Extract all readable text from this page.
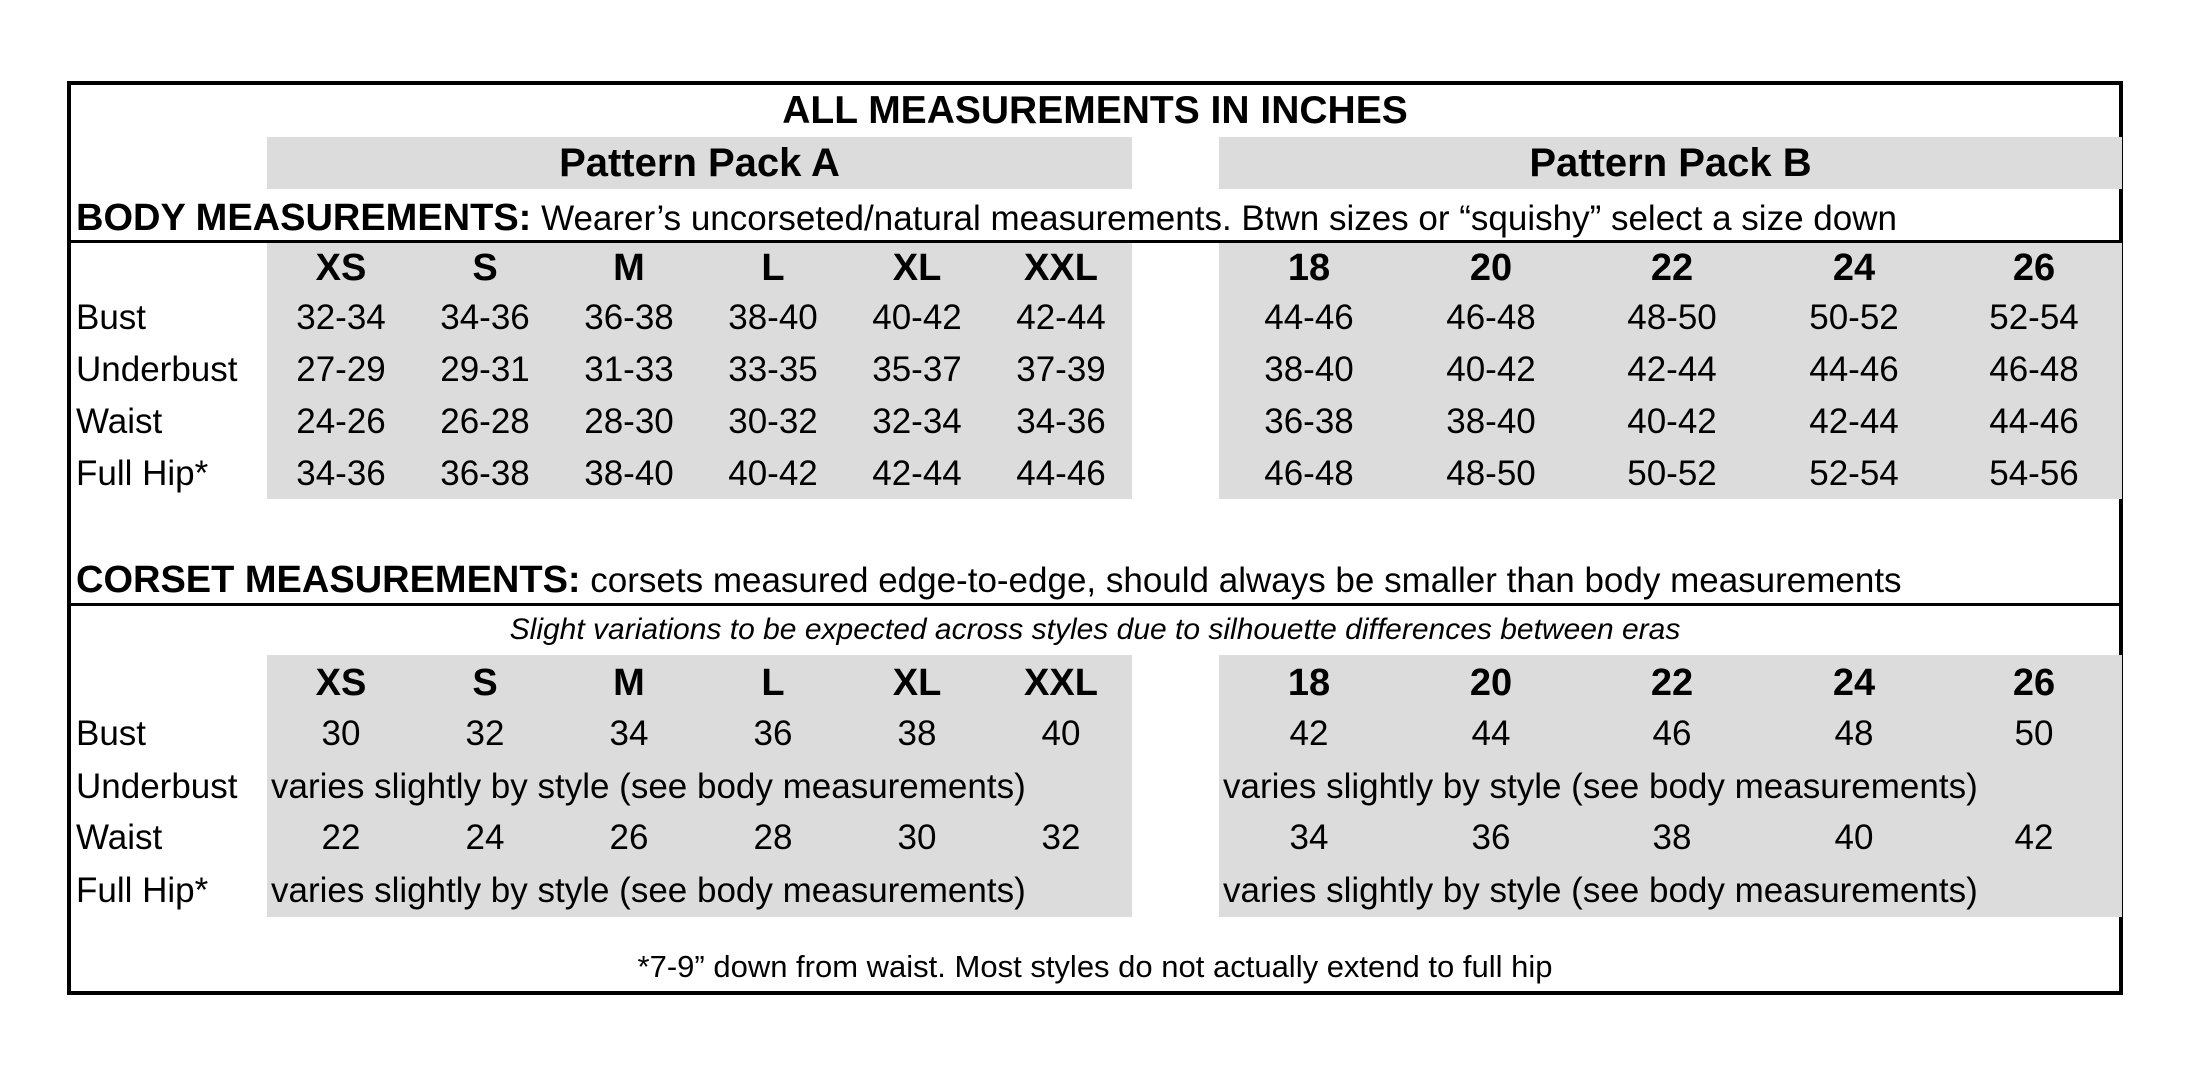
ALL MEASUREMENTS IN INCHES
Pattern Pack A	Pattern Pack B
BODY MEASUREMENTS: Wearer’s uncorseted/natural measurements. Btwn sizes or “squishy” select a size down
XS	S	M	L	XL	XXL	18	20	22	24	26
Bust	32-34	34-36	36-38	38-40	40-42	42-44	44-46	46-48	48-50	50-52	52-54
Underbust	27-29	29-31	31-33	33-35	35-37	37-39	38-40	40-42	42-44	44-46	46-48
Waist	24-26	26-28	28-30	30-32	32-34	34-36	36-38	38-40	40-42	42-44	44-46
Full Hip*	34-36	36-38	38-40	40-42	42-44	44-46	46-48	48-50	50-52	52-54	54-56
CORSET MEASUREMENTS: corsets measured edge-to-edge, should always be smaller than body measurements
Slight variations to be expected across styles due to silhouette differences between eras
XS	S	M	L	XL	XXL	18	20	22	24	26
Bust	30	32	34	36	38	40	42	44	46	48	50
Underbust varies slightly by style (see body measurements)	varies slightly by style (see body measurements)
Waist	22	24	26	28	30	32	34	36	38	40	42
Full Hip* varies slightly by style (see body measurements)	varies slightly by style (see body measurements)
*7-9” down from waist. Most styles do not actually extend to full hip
